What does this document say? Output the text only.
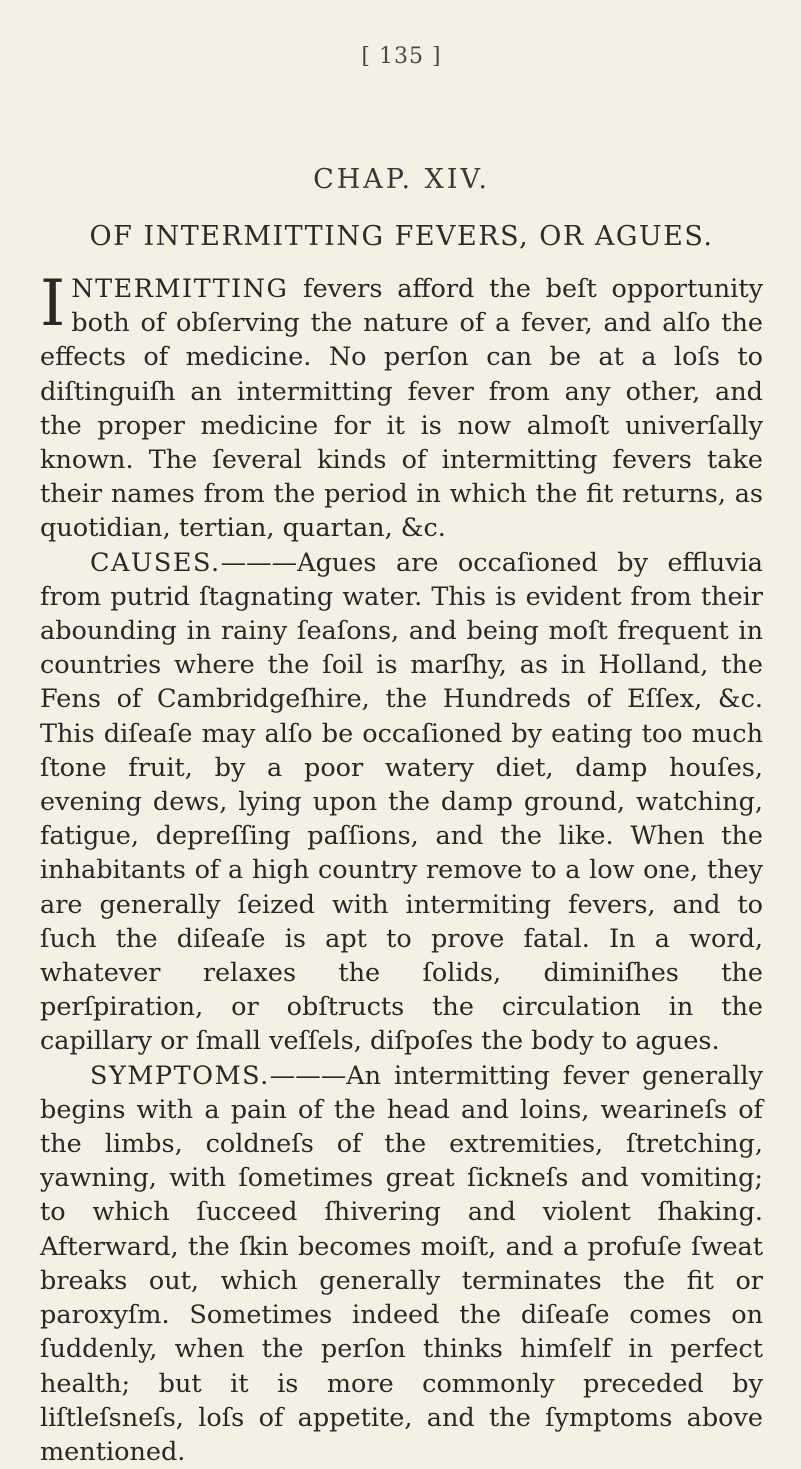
[ 135 ]
CHAP. XIV.
OF INTERMITTING FEVERS, OR AGUES.

INTERMITTING fevers afford the beſt opportunity both of obſerving the nature of a fever, and alſo the effects of medicine. No perſon can be at a loſs to diſtinguiſh an intermitting fever from any other, and the proper medicine for it is now almoſt univerſally known. The ſeveral kinds of intermitting fevers take their names from the period in which the fit returns, as quotidian, tertian, quartan, &c.

CAUSES.———Agues are occaſioned by effluvia from putrid ſtagnating water. This is evident from their abounding in rainy ſeaſons, and being moſt frequent in countries where the ſoil is marſhy, as in Holland, the Fens of Cambridgeſhire, the Hundreds of Eſſex, &c. This diſeaſe may alſo be occaſioned by eating too much ſtone fruit, by a poor watery diet, damp houſes, evening dews, lying upon the damp ground, watching, fatigue, depreſſing paſſions, and the like. When the inhabitants of a high country remove to a low one, they are generally ſeized with intermiting fevers, and to ſuch the diſeaſe is apt to prove fatal. In a word, whatever relaxes the ſolids, diminiſhes the perſpiration, or obſtructs the circulation in the capillary or ſmall veſſels, diſpoſes the body to agues.

SYMPTOMS.———An intermitting fever generally begins with a pain of the head and loins, wearineſs of the limbs, coldneſs of the extremities, ſtretching, yawning, with ſometimes great ſickneſs and vomiting; to which ſucceed ſhivering and violent ſhaking. Afterward, the ſkin becomes moiſt, and a profuſe ſweat breaks out, which generally terminates the fit or paroxyſm. Sometimes indeed the diſeaſe comes on ſuddenly, when the perſon thinks himſelf in perfect health; but it is more commonly preceded by liſtleſsneſs, loſs of appetite, and the ſymptoms above mentioned.
